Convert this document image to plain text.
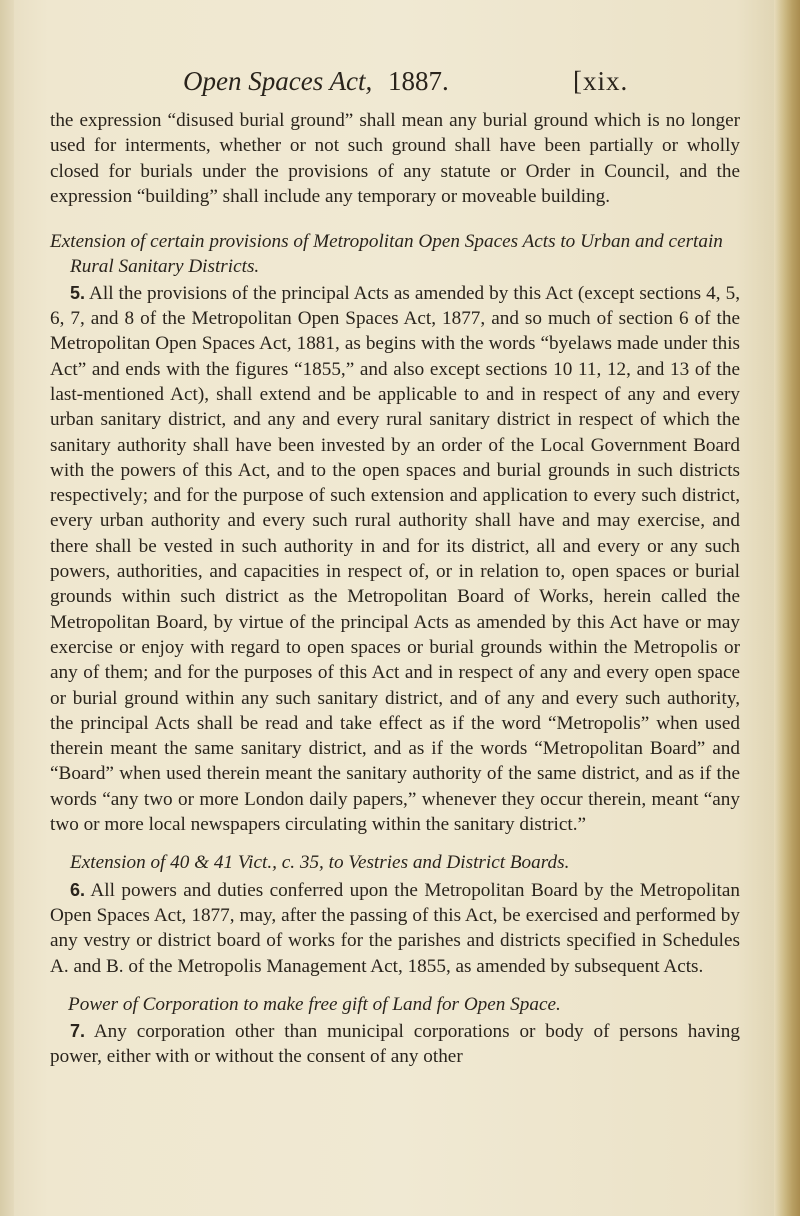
Open Spaces Act, 1887.	[xix.

the expression “disused burial ground” shall mean any burial ground which is no longer used for interments, whether or not such ground shall have been partially or wholly closed for burials under the provisions of any statute or Order in Council, and the expression “building” shall include any temporary or moveable building.

Extension of certain provisions of Metropolitan Open Spaces Acts to Urban and certain Rural Sanitary Districts.

5. All the provisions of the principal Acts as amended by this Act (except sections 4, 5, 6, 7, and 8 of the Metropolitan Open Spaces Act, 1877, and so much of section 6 of the Metropolitan Open Spaces Act, 1881, as begins with the words “byelaws made under this Act” and ends with the figures “1855,” and also except sections 10 11, 12, and 13 of the last-mentioned Act), shall extend and be applicable to and in respect of any and every urban sanitary district, and any and every rural sanitary district in respect of which the sanitary authority shall have been invested by an order of the Local Government Board with the powers of this Act, and to the open spaces and burial grounds in such districts respectively; and for the purpose of such extension and application to every such district, every urban authority and every such rural authority shall have and may exercise, and there shall be vested in such authority in and for its district, all and every or any such powers, authorities, and capacities in respect of, or in relation to, open spaces or burial grounds within such district as the Metropolitan Board of Works, herein called the Metropolitan Board, by virtue of the principal Acts as amended by this Act have or may exercise or enjoy with regard to open spaces or burial grounds within the Metropolis or any of them; and for the purposes of this Act and in respect of any and every open space or burial ground within any such sanitary district, and of any and every such authority, the principal Acts shall be read and take effect as if the word “Metropolis” when used therein meant the same sanitary district, and as if the words “Metropolitan Board” and “Board” when used therein meant the sanitary authority of the same district, and as if the words “any two or more London daily papers,” whenever they occur therein, meant “any two or more local newspapers circulating within the sanitary district.”

Extension of 40 & 41 Vict., c. 35, to Vestries and District Boards.

6. All powers and duties conferred upon the Metropolitan Board by the Metropolitan Open Spaces Act, 1877, may, after the passing of this Act, be exercised and performed by any vestry or district board of works for the parishes and districts specified in Schedules A. and B. of the Metropolis Management Act, 1855, as amended by subsequent Acts.

Power of Corporation to make free gift of Land for Open Space.

7. Any corporation other than municipal corporations or body of persons having power, either with or without the consent of any other
